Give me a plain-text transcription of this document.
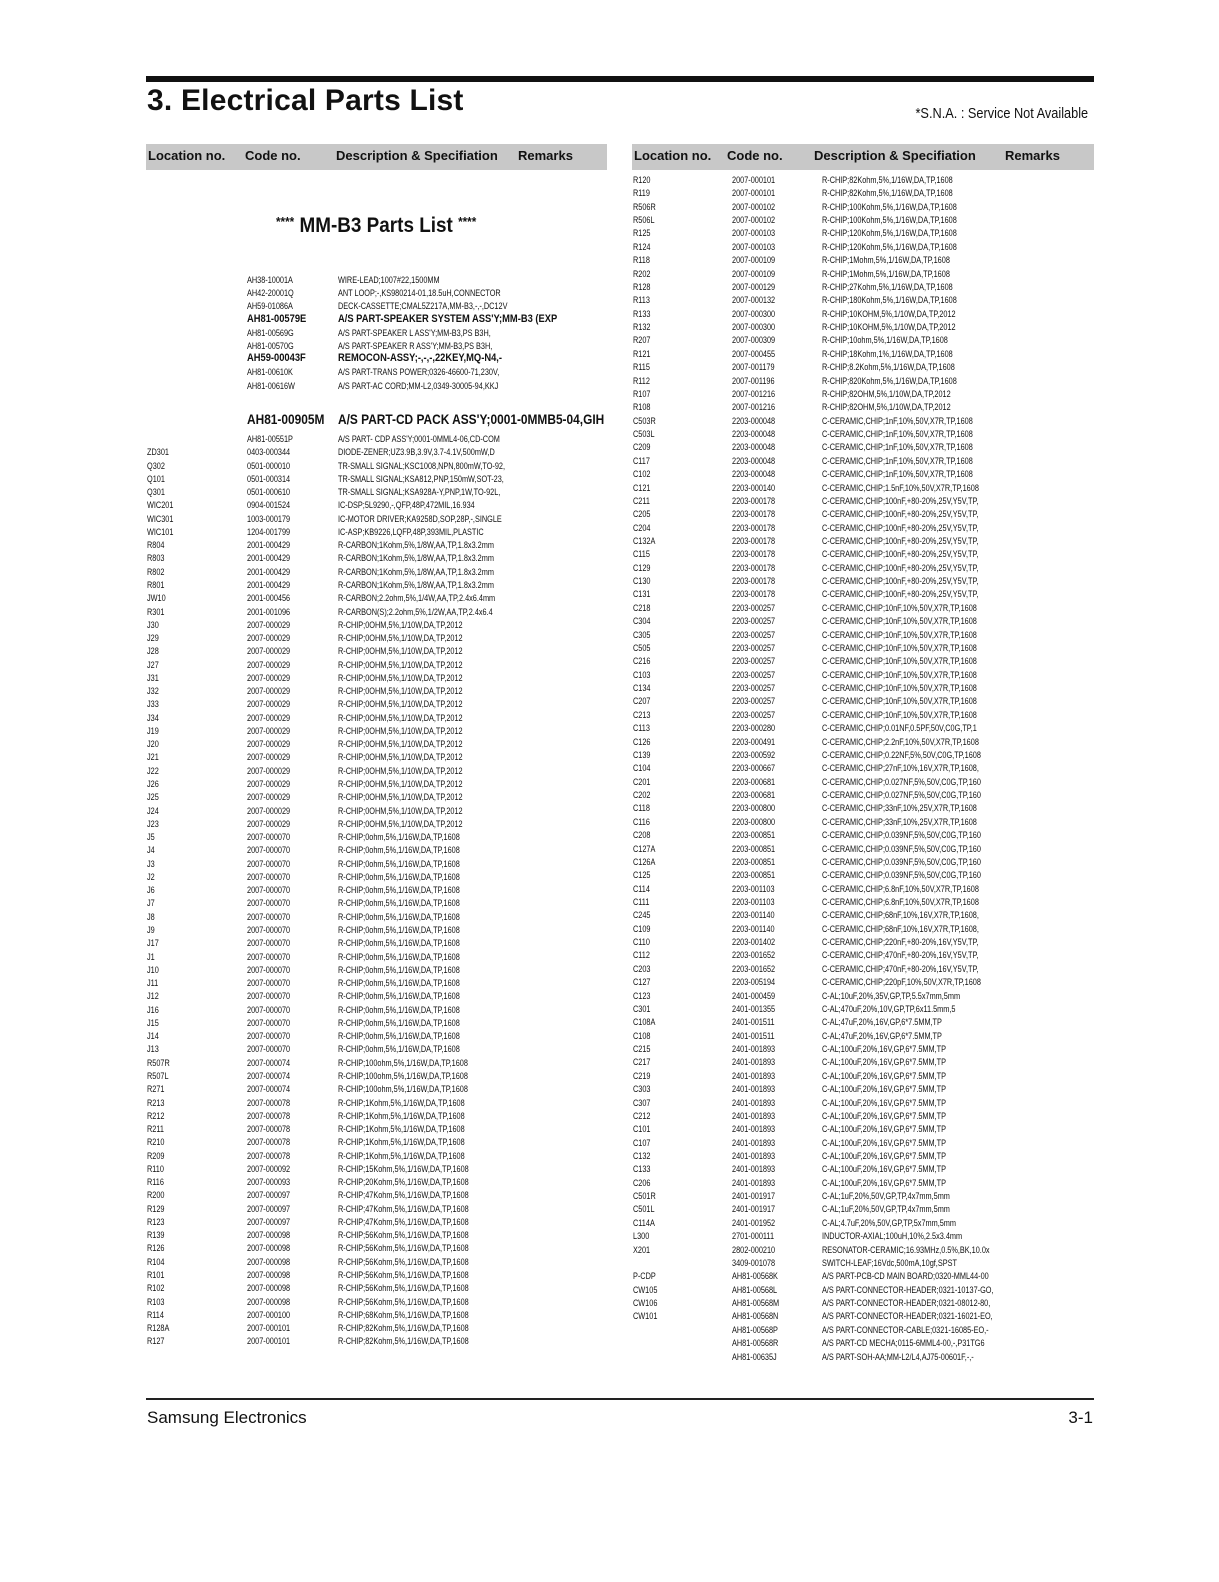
3. Electrical Parts List	*S.N.A. : Service Not Available
Location no. Code no.	Description & Specifiation Remarks	Location no. Code no. Description & Specifiation Remarks
**** MM-B3 Parts List ****
AH38-10001A	WIRE-LEAD;1007#22,1500MM
AH42-20001Q	ANT LOOP;-,KS980214-01,18.5uH,CONNECTOR
AH59-01086A	DECK-CASSETTE;CMAL5Z217A,MM-B3,-,-,DC12V
AH81-00579E	A/S PART-SPEAKER SYSTEM ASS'Y;MM-B3 (EXP
AH81-00569G	A/S PART-SPEAKER L ASS'Y;MM-B3,PS B3H,
AH81-00570G	A/S PART-SPEAKER R ASS'Y;MM-B3,PS B3H,
AH59-00043F	REMOCON-ASSY;-,-,-,22KEY,MQ-N4,-
AH81-00610K	A/S PART-TRANS POWER;0326-46600-71,230V,
AH81-00616W	A/S PART-AC CORD;MM-L2,0349-30005-94,KKJ
AH81-00905M A/S PART-CD PACK ASS'Y;0001-0MMB5-04,GIH
AH81-00551P	A/S PART- CDP ASS'Y;0001-0MML4-06,CD-COM
ZD301	0403-000344	DIODE-ZENER;UZ3.9B,3.9V,3.7-4.1V,500mW,D
Q302	0501-000010	TR-SMALL SIGNAL;KSC1008,NPN,800mW,TO-92,
Q101	0501-000314	TR-SMALL SIGNAL;KSA812,PNP,150mW,SOT-23,
Q301	0501-000610	TR-SMALL SIGNAL;KSA928A-Y,PNP,1W,TO-92L,
WIC201	0904-001524	IC-DSP;5L9290,-,QFP,48P,472MIL,16.934
WIC301	1003-000179	IC-MOTOR DRIVER;KA9258D,SOP,28P,-,SINGLE
WIC101	1204-001799	IC-ASP;KB9226,LQFP,48P,393MIL,PLASTIC
R804	2001-000429	R-CARBON;1Kohm,5%,1/8W,AA,TP,1.8x3.2mm
R803	2001-000429	R-CARBON;1Kohm,5%,1/8W,AA,TP,1.8x3.2mm
R802	2001-000429	R-CARBON;1Kohm,5%,1/8W,AA,TP,1.8x3.2mm
R801	2001-000429	R-CARBON;1Kohm,5%,1/8W,AA,TP,1.8x3.2mm
JW10	2001-000456	R-CARBON;2.2ohm,5%,1/4W,AA,TP,2.4x6.4mm
R301	2001-001096	R-CARBON(S);2.2ohm,5%,1/2W,AA,TP,2.4x6.4
J30	2007-000029	R-CHIP;0OHM,5%,1/10W,DA,TP,2012
J29	2007-000029	R-CHIP;0OHM,5%,1/10W,DA,TP,2012
J28	2007-000029	R-CHIP;0OHM,5%,1/10W,DA,TP,2012
J27	2007-000029	R-CHIP;0OHM,5%,1/10W,DA,TP,2012
J31	2007-000029	R-CHIP;0OHM,5%,1/10W,DA,TP,2012
J32	2007-000029	R-CHIP;0OHM,5%,1/10W,DA,TP,2012
J33	2007-000029	R-CHIP;0OHM,5%,1/10W,DA,TP,2012
J34	2007-000029	R-CHIP;0OHM,5%,1/10W,DA,TP,2012
J19	2007-000029	R-CHIP;0OHM,5%,1/10W,DA,TP,2012
J20	2007-000029	R-CHIP;0OHM,5%,1/10W,DA,TP,2012
J21	2007-000029	R-CHIP;0OHM,5%,1/10W,DA,TP,2012
J22	2007-000029	R-CHIP;0OHM,5%,1/10W,DA,TP,2012
J26	2007-000029	R-CHIP;0OHM,5%,1/10W,DA,TP,2012
J25	2007-000029	R-CHIP;0OHM,5%,1/10W,DA,TP,2012
J24	2007-000029	R-CHIP;0OHM,5%,1/10W,DA,TP,2012
J23	2007-000029	R-CHIP;0OHM,5%,1/10W,DA,TP,2012
J5	2007-000070	R-CHIP;0ohm,5%,1/16W,DA,TP,1608
J4	2007-000070	R-CHIP;0ohm,5%,1/16W,DA,TP,1608
J3	2007-000070	R-CHIP;0ohm,5%,1/16W,DA,TP,1608
J2	2007-000070	R-CHIP;0ohm,5%,1/16W,DA,TP,1608
J6	2007-000070	R-CHIP;0ohm,5%,1/16W,DA,TP,1608
J7	2007-000070	R-CHIP;0ohm,5%,1/16W,DA,TP,1608
J8	2007-000070	R-CHIP;0ohm,5%,1/16W,DA,TP,1608
J9	2007-000070	R-CHIP;0ohm,5%,1/16W,DA,TP,1608
J17	2007-000070	R-CHIP;0ohm,5%,1/16W,DA,TP,1608
J1	2007-000070	R-CHIP;0ohm,5%,1/16W,DA,TP,1608
J10	2007-000070	R-CHIP;0ohm,5%,1/16W,DA,TP,1608
J11	2007-000070	R-CHIP;0ohm,5%,1/16W,DA,TP,1608
J12	2007-000070	R-CHIP;0ohm,5%,1/16W,DA,TP,1608
J16	2007-000070	R-CHIP;0ohm,5%,1/16W,DA,TP,1608
J15	2007-000070	R-CHIP;0ohm,5%,1/16W,DA,TP,1608
J14	2007-000070	R-CHIP;0ohm,5%,1/16W,DA,TP,1608
J13	2007-000070	R-CHIP;0ohm,5%,1/16W,DA,TP,1608
R507R	2007-000074	R-CHIP;100ohm,5%,1/16W,DA,TP,1608
R507L	2007-000074	R-CHIP;100ohm,5%,1/16W,DA,TP,1608
R271	2007-000074	R-CHIP;100ohm,5%,1/16W,DA,TP,1608
R213	2007-000078	R-CHIP;1Kohm,5%,1/16W,DA,TP,1608
R212	2007-000078	R-CHIP;1Kohm,5%,1/16W,DA,TP,1608
R211	2007-000078	R-CHIP;1Kohm,5%,1/16W,DA,TP,1608
R210	2007-000078	R-CHIP;1Kohm,5%,1/16W,DA,TP,1608
R209	2007-000078	R-CHIP;1Kohm,5%,1/16W,DA,TP,1608
R110	2007-000092	R-CHIP;15Kohm,5%,1/16W,DA,TP,1608
R116	2007-000093	R-CHIP;20Kohm,5%,1/16W,DA,TP,1608
R200	2007-000097	R-CHIP;47Kohm,5%,1/16W,DA,TP,1608
R129	2007-000097	R-CHIP;47Kohm,5%,1/16W,DA,TP,1608
R123	2007-000097	R-CHIP;47Kohm,5%,1/16W,DA,TP,1608
R139	2007-000098	R-CHIP;56Kohm,5%,1/16W,DA,TP,1608
R126	2007-000098	R-CHIP;56Kohm,5%,1/16W,DA,TP,1608
R104	2007-000098	R-CHIP;56Kohm,5%,1/16W,DA,TP,1608
R101	2007-000098	R-CHIP;56Kohm,5%,1/16W,DA,TP,1608
R102	2007-000098	R-CHIP;56Kohm,5%,1/16W,DA,TP,1608
R103	2007-000098	R-CHIP;56Kohm,5%,1/16W,DA,TP,1608
R114	2007-000100	R-CHIP;68Kohm,5%,1/16W,DA,TP,1608
R128A	2007-000101	R-CHIP;82Kohm,5%,1/16W,DA,TP,1608
R127	2007-000101	R-CHIP;82Kohm,5%,1/16W,DA,TP,1608
R120	2007-000101	R-CHIP;82Kohm,5%,1/16W,DA,TP,1608
R119	2007-000101	R-CHIP;82Kohm,5%,1/16W,DA,TP,1608
R506R	2007-000102	R-CHIP;100Kohm,5%,1/16W,DA,TP,1608
R506L	2007-000102	R-CHIP;100Kohm,5%,1/16W,DA,TP,1608
R125	2007-000103	R-CHIP;120Kohm,5%,1/16W,DA,TP,1608
R124	2007-000103	R-CHIP;120Kohm,5%,1/16W,DA,TP,1608
R118	2007-000109	R-CHIP;1Mohm,5%,1/16W,DA,TP,1608
R202	2007-000109	R-CHIP;1Mohm,5%,1/16W,DA,TP,1608
R128	2007-000129	R-CHIP;27Kohm,5%,1/16W,DA,TP,1608
R113	2007-000132	R-CHIP;180Kohm,5%,1/16W,DA,TP,1608
R133	2007-000300	R-CHIP;10KOHM,5%,1/10W,DA,TP,2012
R132	2007-000300	R-CHIP;10KOHM,5%,1/10W,DA,TP,2012
R207	2007-000309	R-CHIP;10ohm,5%,1/16W,DA,TP,1608
R121	2007-000455	R-CHIP;18Kohm,1%,1/16W,DA,TP,1608
R115	2007-001179	R-CHIP;8.2Kohm,5%,1/16W,DA,TP,1608
R112	2007-001196	R-CHIP;820Kohm,5%,1/16W,DA,TP,1608
R107	2007-001216	R-CHIP;82OHM,5%,1/10W,DA,TP,2012
R108	2007-001216	R-CHIP;82OHM,5%,1/10W,DA,TP,2012
C503R	2203-000048	C-CERAMIC,CHIP;1nF,10%,50V,X7R,TP,1608
C503L	2203-000048	C-CERAMIC,CHIP;1nF,10%,50V,X7R,TP,1608
C209	2203-000048	C-CERAMIC,CHIP;1nF,10%,50V,X7R,TP,1608
C117	2203-000048	C-CERAMIC,CHIP;1nF,10%,50V,X7R,TP,1608
C102	2203-000048	C-CERAMIC,CHIP;1nF,10%,50V,X7R,TP,1608
C121	2203-000140	C-CERAMIC,CHIP;1.5nF,10%,50V,X7R,TP,1608
C211	2203-000178	C-CERAMIC,CHIP;100nF,+80-20%,25V,Y5V,TP,
C205	2203-000178	C-CERAMIC,CHIP;100nF,+80-20%,25V,Y5V,TP,
C204	2203-000178	C-CERAMIC,CHIP;100nF,+80-20%,25V,Y5V,TP,
C132A	2203-000178	C-CERAMIC,CHIP;100nF,+80-20%,25V,Y5V,TP,
C115	2203-000178	C-CERAMIC,CHIP;100nF,+80-20%,25V,Y5V,TP,
C129	2203-000178	C-CERAMIC,CHIP;100nF,+80-20%,25V,Y5V,TP,
C130	2203-000178	C-CERAMIC,CHIP;100nF,+80-20%,25V,Y5V,TP,
C131	2203-000178	C-CERAMIC,CHIP;100nF,+80-20%,25V,Y5V,TP,
C218	2203-000257	C-CERAMIC,CHIP;10nF,10%,50V,X7R,TP,1608
C304	2203-000257	C-CERAMIC,CHIP;10nF,10%,50V,X7R,TP,1608
C305	2203-000257	C-CERAMIC,CHIP;10nF,10%,50V,X7R,TP,1608
C505	2203-000257	C-CERAMIC,CHIP;10nF,10%,50V,X7R,TP,1608
C216	2203-000257	C-CERAMIC,CHIP;10nF,10%,50V,X7R,TP,1608
C103	2203-000257	C-CERAMIC,CHIP;10nF,10%,50V,X7R,TP,1608
C134	2203-000257	C-CERAMIC,CHIP;10nF,10%,50V,X7R,TP,1608
C207	2203-000257	C-CERAMIC,CHIP;10nF,10%,50V,X7R,TP,1608
C213	2203-000257	C-CERAMIC,CHIP;10nF,10%,50V,X7R,TP,1608
C113	2203-000280	C-CERAMIC,CHIP;0.01NF,0.5PF,50V,C0G,TP,1
C126	2203-000491	C-CERAMIC,CHIP;2.2nF,10%,50V,X7R,TP,1608
C139	2203-000592	C-CERAMIC,CHIP;0.22NF,5%,50V,C0G,TP,1608
C104	2203-000667	C-CERAMIC,CHIP;27nF,10%,16V,X7R,TP,1608,
C201	2203-000681	C-CERAMIC,CHIP;0.027NF,5%,50V,C0G,TP,160
C202	2203-000681	C-CERAMIC,CHIP;0.027NF,5%,50V,C0G,TP,160
C118	2203-000800	C-CERAMIC,CHIP;33nF,10%,25V,X7R,TP,1608
C116	2203-000800	C-CERAMIC,CHIP;33nF,10%,25V,X7R,TP,1608
C208	2203-000851	C-CERAMIC,CHIP;0.039NF,5%,50V,C0G,TP,160
C127A	2203-000851	C-CERAMIC,CHIP;0.039NF,5%,50V,C0G,TP,160
C126A	2203-000851	C-CERAMIC,CHIP;0.039NF,5%,50V,C0G,TP,160
C125	2203-000851	C-CERAMIC,CHIP;0.039NF,5%,50V,C0G,TP,160
C114	2203-001103	C-CERAMIC,CHIP;6.8nF,10%,50V,X7R,TP,1608
C111	2203-001103	C-CERAMIC,CHIP;6.8nF,10%,50V,X7R,TP,1608
C245	2203-001140	C-CERAMIC,CHIP;68nF,10%,16V,X7R,TP,1608,
C109	2203-001140	C-CERAMIC,CHIP;68nF,10%,16V,X7R,TP,1608,
C110	2203-001402	C-CERAMIC,CHIP;220nF,+80-20%,16V,Y5V,TP,
C112	2203-001652	C-CERAMIC,CHIP;470nF,+80-20%,16V,Y5V,TP,
C203	2203-001652	C-CERAMIC,CHIP;470nF,+80-20%,16V,Y5V,TP,
C127	2203-005194	C-CERAMIC,CHIP;220pF,10%,50V,X7R,TP,1608
C123	2401-000459	C-AL;10uF,20%,35V,GP,TP,5.5x7mm,5mm
C301	2401-001355	C-AL;470uF,20%,10V,GP,TP,6x11.5mm,5
C108A	2401-001511	C-AL;47uF,20%,16V,GP,6*7.5MM,TP
C108	2401-001511	C-AL;47uF,20%,16V,GP,6*7.5MM,TP
C215	2401-001893	C-AL;100uF,20%,16V,GP,6*7.5MM,TP
C217	2401-001893	C-AL;100uF,20%,16V,GP,6*7.5MM,TP
C219	2401-001893	C-AL;100uF,20%,16V,GP,6*7.5MM,TP
C303	2401-001893	C-AL;100uF,20%,16V,GP,6*7.5MM,TP
C307	2401-001893	C-AL;100uF,20%,16V,GP,6*7.5MM,TP
C212	2401-001893	C-AL;100uF,20%,16V,GP,6*7.5MM,TP
C101	2401-001893	C-AL;100uF,20%,16V,GP,6*7.5MM,TP
C107	2401-001893	C-AL;100uF,20%,16V,GP,6*7.5MM,TP
C132	2401-001893	C-AL;100uF,20%,16V,GP,6*7.5MM,TP
C133	2401-001893	C-AL;100uF,20%,16V,GP,6*7.5MM,TP
C206	2401-001893	C-AL;100uF,20%,16V,GP,6*7.5MM,TP
C501R	2401-001917	C-AL;1uF,20%,50V,GP,TP,4x7mm,5mm
C501L	2401-001917	C-AL;1uF,20%,50V,GP,TP,4x7mm,5mm
C114A	2401-001952	C-AL;4.7uF,20%,50V,GP,TP,5x7mm,5mm
L300	2701-000111	INDUCTOR-AXIAL;100uH,10%,2.5x3.4mm
X201	2802-000210	RESONATOR-CERAMIC;16.93MHz,0.5%,BK,10.0x
3409-001078	SWITCH-LEAF;16Vdc,500mA,10gf,SPST
P-CDP	AH81-00568K	A/S PART-PCB-CD MAIN BOARD;0320-MML44-00
CW105	AH81-00568L	A/S PART-CONNECTOR-HEADER;0321-10137-GO,
CW106	AH81-00568M	A/S PART-CONNECTOR-HEADER;0321-08012-80,
CW101	AH81-00568N	A/S PART-CONNECTOR-HEADER;0321-16021-EO,
AH81-00568P	A/S PART-CONNECTOR-CABLE;0321-16085-EO,-
AH81-00568R	A/S PART-CD MECHA;0115-6MML4-00,-,P31TG6
AH81-00635J	A/S PART-SOH-AA;MM-L2/L4,AJ75-00601F,-,-
Samsung Electronics	3-1
